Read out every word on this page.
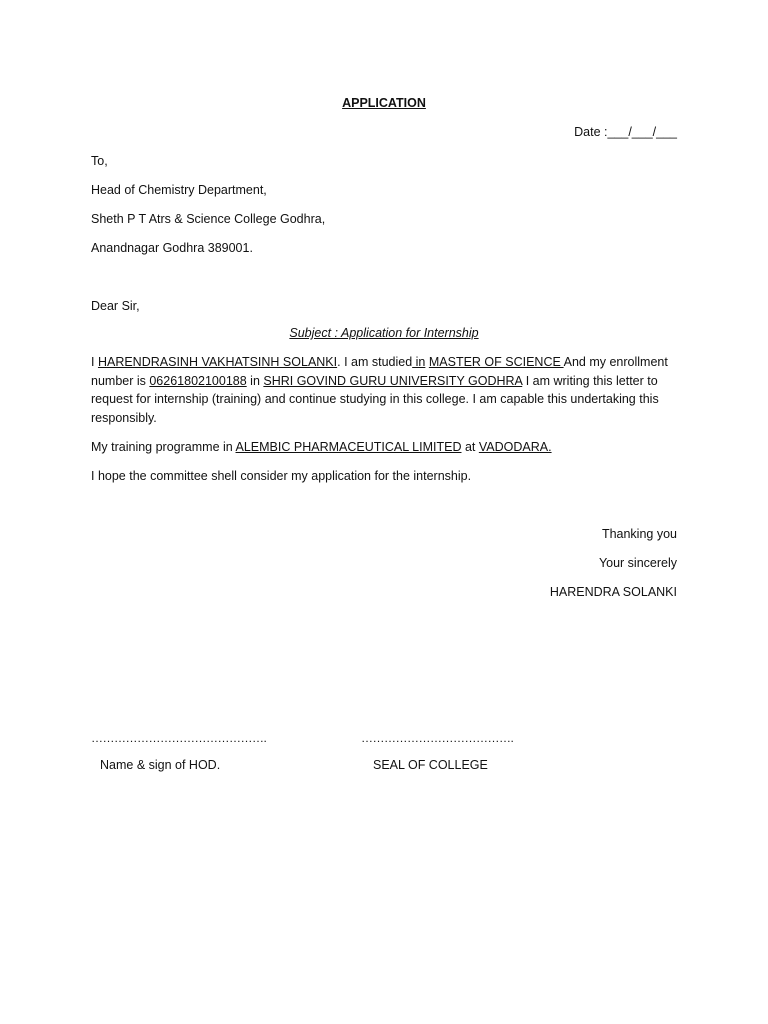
APPLICATION
Date :___/___/___
To,
Head of Chemistry Department,
Sheth P T Atrs & Science College Godhra,
Anandnagar Godhra 389001.
Dear Sir,
Subject : Application for Internship
I HARENDRASINH VAKHATSINH SOLANKI. I am studied in MASTER OF SCIENCE And my enrollment number is 06261802100188 in SHRI GOVIND GURU UNIVERSITY GODHRA I am writing this letter to request for internship (training) and continue studying in this college. I am capable this undertaking this responsibly.
My training programme in ALEMBIC PHARMACEUTICAL LIMITED at VADODARA.
I hope the committee shell consider my application for the internship.
Thanking you
Your sincerely
HARENDRA SOLANKI
……………………………………….
Name & sign of HOD.
………………………………….
SEAL OF COLLEGE
